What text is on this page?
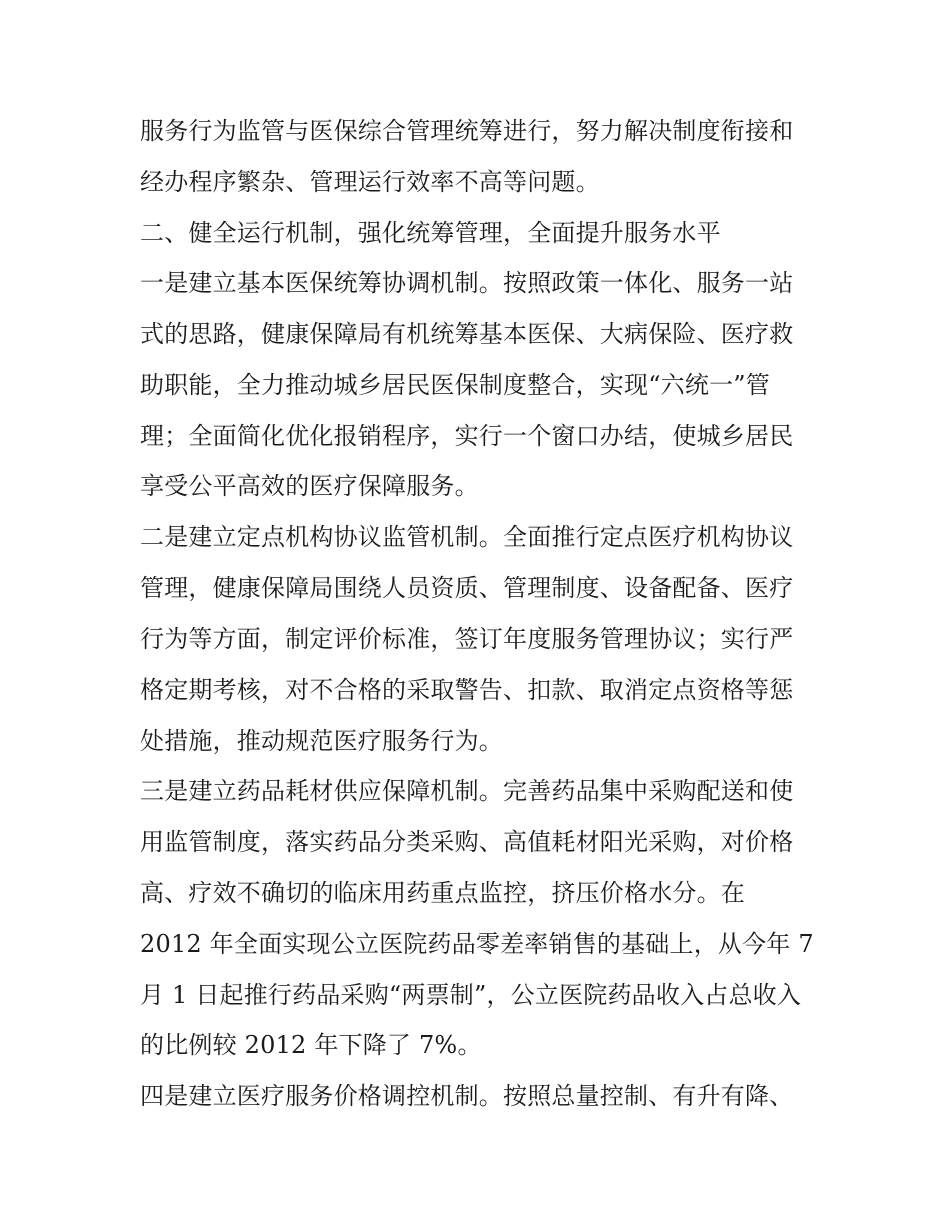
服务行为监管与医保综合管理统筹进行，努力解决制度衔接和

经办程序繁杂、管理运行效率不高等问题。

二、健全运行机制，强化统筹管理，全面提升服务水平

一是建立基本医保统筹协调机制。按照政策一体化、服务一站

式的思路，健康保障局有机统筹基本医保、大病保险、医疗救

助职能，全力推动城乡居民医保制度整合，实现“六统一”管

理；全面简化优化报销程序，实行一个窗口办结，使城乡居民

享受公平高效的医疗保障服务。

二是建立定点机构协议监管机制。全面推行定点医疗机构协议

管理，健康保障局围绕人员资质、管理制度、设备配备、医疗

行为等方面，制定评价标准，签订年度服务管理协议；实行严

格定期考核，对不合格的采取警告、扣款、取消定点资格等惩

处措施，推动规范医疗服务行为。

三是建立药品耗材供应保障机制。完善药品集中采购配送和使

用监管制度，落实药品分类采购、高值耗材阳光采购，对价格

高、疗效不确切的临床用药重点监控，挤压价格水分。在

2012 年全面实现公立医院药品零差率销售的基础上，从今年 7

月 1 日起推行药品采购“两票制”，公立医院药品收入占总收入

的比例较 2012 年下降了 7%。

四是建立医疗服务价格调控机制。按照总量控制、有升有降、
